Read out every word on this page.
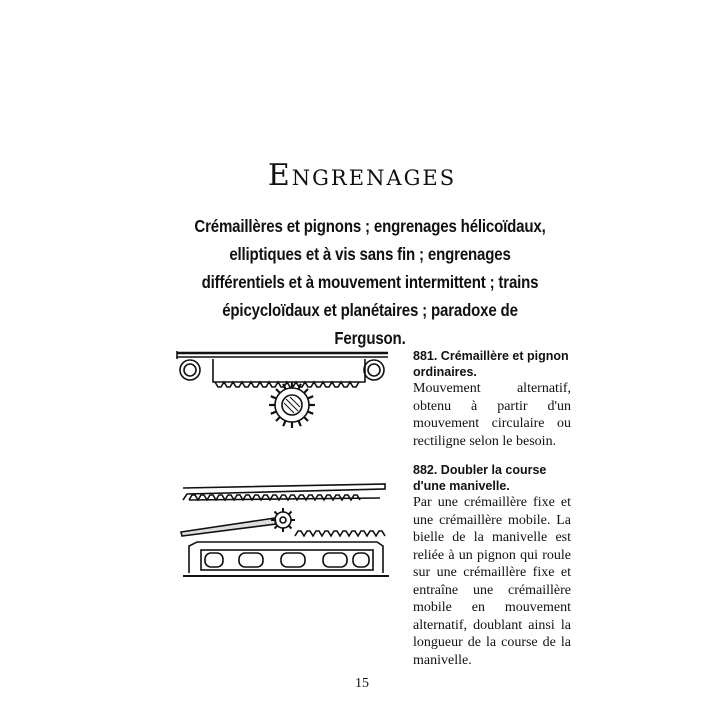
Engrenages
Crémaillères et pignons ; engrenages hélicoïdaux, elliptiques et à vis sans fin ; engrenages différentiels et à mouvement intermittent ; trains épicycloïdaux et planétaires ; paradoxe de Ferguson.
881. Crémaillère et pignon ordinaires.
Mouvement alternatif, obtenu à partir d'un mouvement circulaire ou rectiligne selon le besoin.
882. Doubler la course d'une manivelle.
Par une crémaillère fixe et une crémaillère mobile. La bielle de la manivelle est reliée à un pignon qui roule sur une crémaillère fixe et entraîne une crémaillère mobile en mouvement alternatif, doublant ainsi la longueur de la course de la manivelle.
15
